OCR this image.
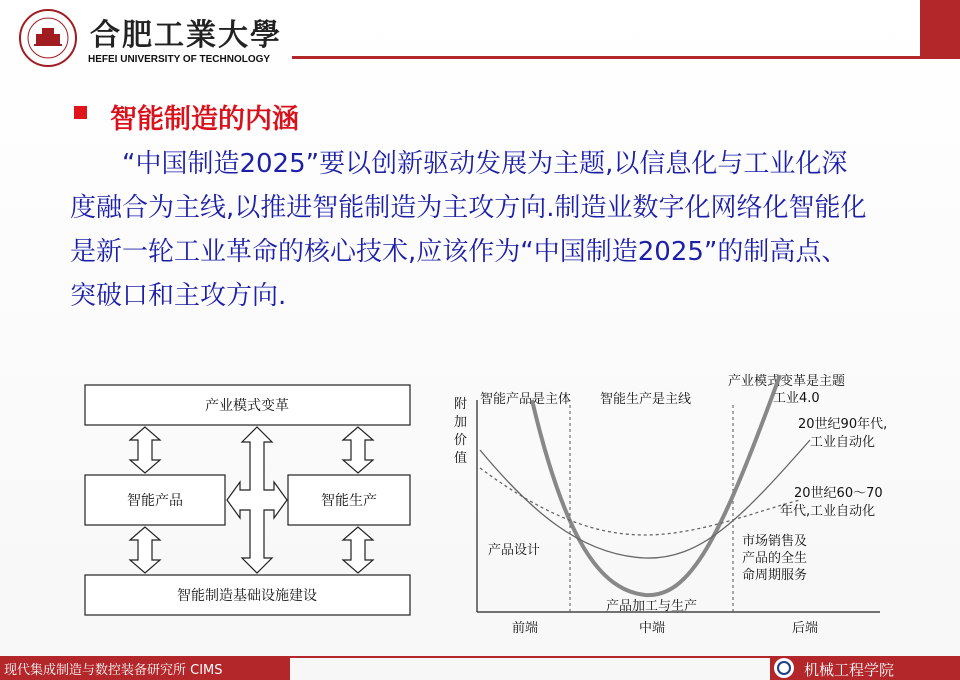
合肥工業大學
HEFEI UNIVERSITY OF TECHNOLOGY
智能制造的内涵
“中国制造2025”要以创新驱动发展为主题,以信息化与工业化深度融合为主线,以推进智能制造为主攻方向.制造业数字化网络化智能化是新一轮工业革命的核心技术,应该作为“中国制造2025”的制高点、突破口和主攻方向.
产业模式变革
智能产品	智能生产
智能制造基础设施建设
附
加
价
值
智能产品是主体 智能生产是主线
产业模式变革是主题
工业4.0
20世纪90年代,
工业自动化
20世纪60～70
年代,工业自动化
产品设计
产品加工与生产
市场销售及
产品的全生
命周期服务
前端	中端	后端
现代集成制造与数控装备研究所 CIMS	机械工程学院
